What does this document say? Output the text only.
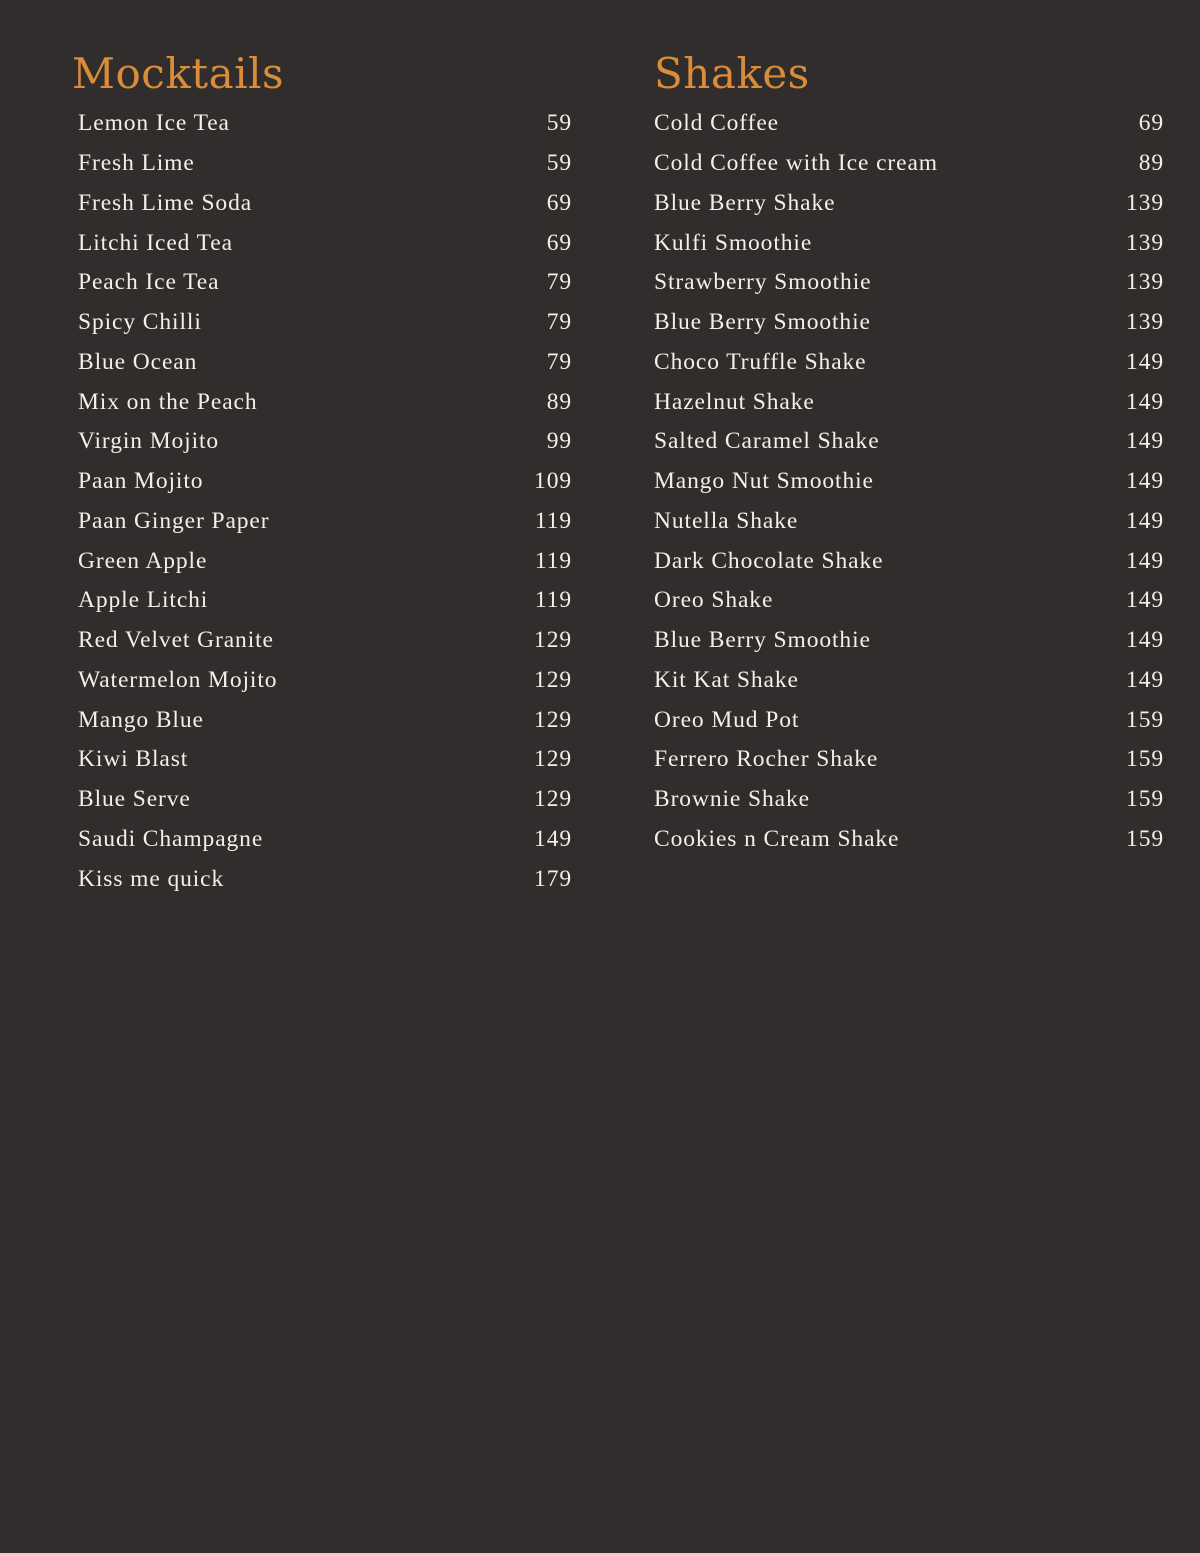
Mocktails
Lemon Ice Tea	59
Fresh Lime	59
Fresh Lime Soda	69
Litchi Iced Tea	69
Peach Ice Tea	79
Spicy Chilli	79
Blue Ocean	79
Mix on the Peach	89
Virgin Mojito	99
Paan Mojito	109
Paan Ginger Paper	119
Green Apple	119
Apple Litchi	119
Red Velvet Granite	129
Watermelon Mojito	129
Mango Blue	129
Kiwi Blast	129
Blue Serve	129
Saudi Champagne	149
Kiss me quick	179
Shakes
Cold Coffee	69
Cold Coffee with Ice cream	89
Blue Berry Shake	139
Kulfi Smoothie	139
Strawberry Smoothie	139
Blue Berry Smoothie	139
Choco Truffle Shake	149
Hazelnut Shake	149
Salted Caramel Shake	149
Mango Nut Smoothie	149
Nutella Shake	149
Dark Chocolate Shake	149
Oreo Shake	149
Blue Berry Smoothie	149
Kit Kat Shake	149
Oreo Mud Pot	159
Ferrero Rocher Shake	159
Brownie Shake	159
Cookies n Cream Shake	159
